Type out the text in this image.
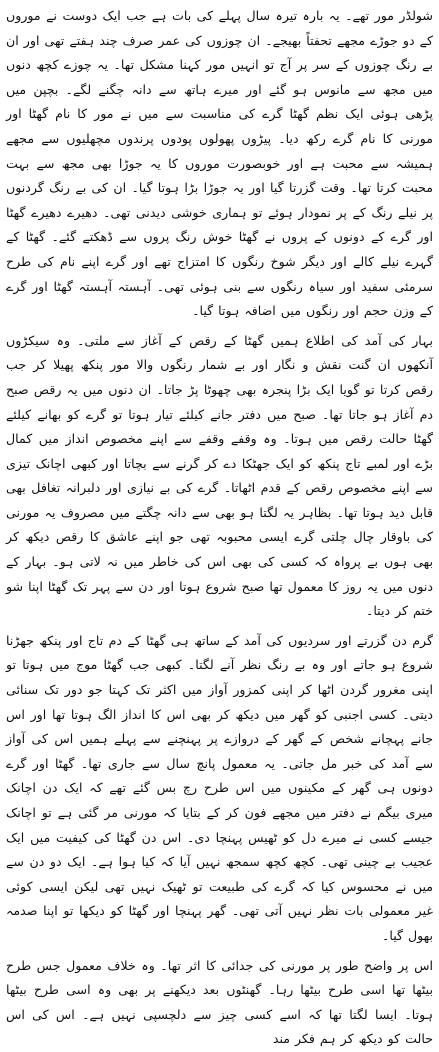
شولڈر مور تھے۔ یہ بارہ تیرہ سال پہلے کی بات ہے جب ایک دوست نے موروں کے دو جوڑے مجھے تحفتاً بھیجے۔ ان چوزوں کی عمر صرف چند ہفتے تھی اور ان بے رنگ چوزوں کے سر پر آج تو انہیں مور کہنا مشکل تھا۔ یہ چوزے کچھ دنوں میں مجھ سے مانوس ہو گئے اور میرے ہاتھ سے دانہ چگنے لگے۔ بچپن میں پڑھی ہوئی ایک نظم گھٹا گرے کی مناسبت سے میں نے مور کا نام گھٹا اور مورنی کا نام گرے رکھ دیا۔ پیڑوں پھولوں پودوں پرندوں مچھلیوں سے مجھے ہمیشہ سے محبت ہے اور خوبصورت موروں کا یہ جوڑا بھی مجھ سے بہت محبت کرتا تھا۔ وقت گزرتا گیا اور یہ جوڑا بڑا ہوتا گیا۔ ان کی بے رنگ گردنوں پر نیلے رنگ کے پر نمودار ہوئے تو ہماری خوشی دیدنی تھی۔ دھیرے دھیرے گھٹا اور گرے کے دونوں کے پروں نے گھٹا خوش رنگ پروں سے ڈھکتے گئے۔ گھٹا کے گہرے نیلے کالے اور دیگر شوخ رنگوں کا امتزاج تھے اور گرے اپنے نام کی طرح سرمئی سفید اور سیاہ رنگوں سے بنی ہوئی تھی۔ آہستہ آہستہ گھٹا اور گرے کے وزن حجم اور رنگوں میں اضافہ ہوتا گیا۔

بہار کی آمد کی اطلاع ہمیں گھٹا کے رقص کے آغاز سے ملتی۔ وہ سیکڑوں آنکھوں ان گنت نقش و نگار اور بے شمار رنگوں والا مور پنکھ پھیلا کر جب رقص کرتا تو گویا ایک بڑا پنجرہ بھی چھوٹا پڑ جاتا۔ ان دنوں میں یہ رقص صبح دم آغاز ہو جاتا تھا۔ صبح میں دفتر جانے کیلئے تیار ہوتا تو گرے کو بھانے کیلئے گھٹا حالت رقص میں ہوتا۔ وہ وقفے وقفے سے اپنے مخصوص انداز میں کمال بڑے اور لمبے تاج پنکھ کو ایک جھٹکا دے کر گرنے سے بچاتا اور کبھی اچانک تیزی سے اپنے مخصوص رقص کے قدم اٹھاتا۔ گرے کی بے نیازی اور دلبرانہ تغافل بھی قابل دید ہوتا تھا۔ بظاہر یہ لگتا ہو بھی سے دانہ چگتے میں مصروف یہ مورنی کی باوقار چال چلتی گرے ایسی محبوبہ تھی جو اپنے عاشق کا رقص دیکھ کر بھی ہوں بے پرواہ کہ کسی کی بھی اس کی خاطر میں نہ لاتی ہو۔ بہار کے دنوں میں یہ روز کا معمول تھا صبح شروع ہوتا اور دن سے پہر تک گھٹا اپنا شو ختم کر دیتا۔

گرم دن گزرتے اور سردیوں کی آمد کے ساتھ ہی گھٹا کے دم تاج اور پنکھ جھڑنا شروع ہو جاتے اور وہ بے رنگ نظر آنے لگتا۔ کبھی جب گھٹا موج میں ہوتا تو اپنی مغرور گردن اٹھا کر اپنی کمزور آواز میں اکثر تک کہتا جو دور تک سنائی دیتی۔ کسی اجنبی کو گھر میں دیکھ کر بھی اس کا انداز الگ ہوتا تھا اور اس جانے پہچانے شخص کے گھر کے دروازے پر پہنچنے سے پہلے ہمیں اس کی آواز سے آمد کی خبر مل جاتی۔ یہ معمول پانچ سال سے جاری تھا۔ گھٹا اور گرے دونوں ہی گھر کے مکینوں میں اس طرح رچ بس گئے تھے کہ ایک دن اچانک میری بیگم نے دفتر میں مجھے فون کر کے بتایا کہ مورنی مر گئی ہے تو اچانک جیسے کسی نے میرے دل کو ٹھیس پہنچا دی۔ اس دن گھٹا کی کیفیت میں ایک عجیب بے چینی تھی۔ کچھ کچھ سمجھ نہیں آیا کہ کیا ہوا ہے۔ ایک دو دن سے میں نے محسوس کیا کہ گرے کی طبیعت تو ٹھیک نہیں تھی لیکن ایسی کوئی غیر معمولی بات نظر نہیں آتی تھی۔ گھر پہنچا اور گھٹا کو دیکھا تو اپنا صدمہ بھول گیا۔

اس پر واضح طور پر مورنی کی جدائی کا اثر تھا۔ وہ خلاف معمول جس طرح بیٹھا تھا اسی طرح بیٹھا رہا۔ گھنٹوں بعد دیکھنے پر بھی وہ اسی طرح بیٹھا ہوتا۔ ایسا لگتا تھا کہ اسے کسی چیز سے دلچسپی نہیں ہے۔ اس کی اس حالت کو دیکھ کر ہم فکر مند
